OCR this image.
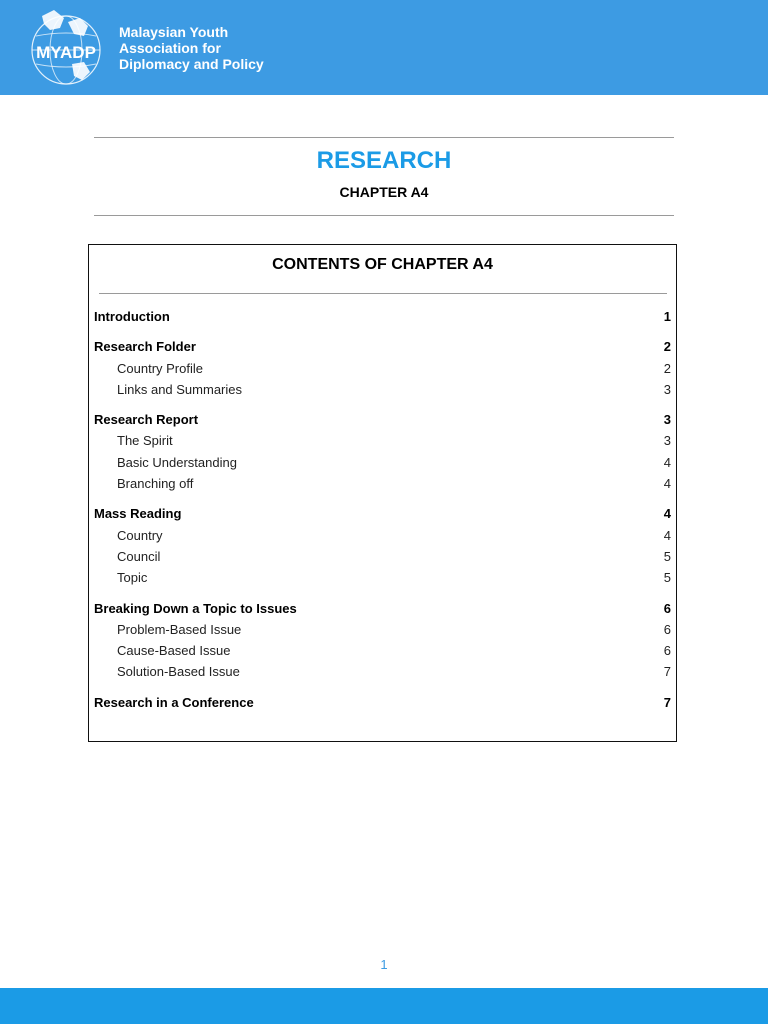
MYADP
Malaysian Youth
Association for
Diplomacy and Policy
RESEARCH
CHAPTER A4
CONTENTS OF CHAPTER A4
Introduction	1
Research Folder	2
Country Profile	2
Links and Summaries	3
Research Report	3
The Spirit	3
Basic Understanding	4
Branching off	4
Mass Reading	4
Country	4
Council	5
Topic	5
Breaking Down a Topic to Issues	6
Problem-Based Issue	6
Cause-Based Issue	6
Solution-Based Issue	7
Research in a Conference	7
1
